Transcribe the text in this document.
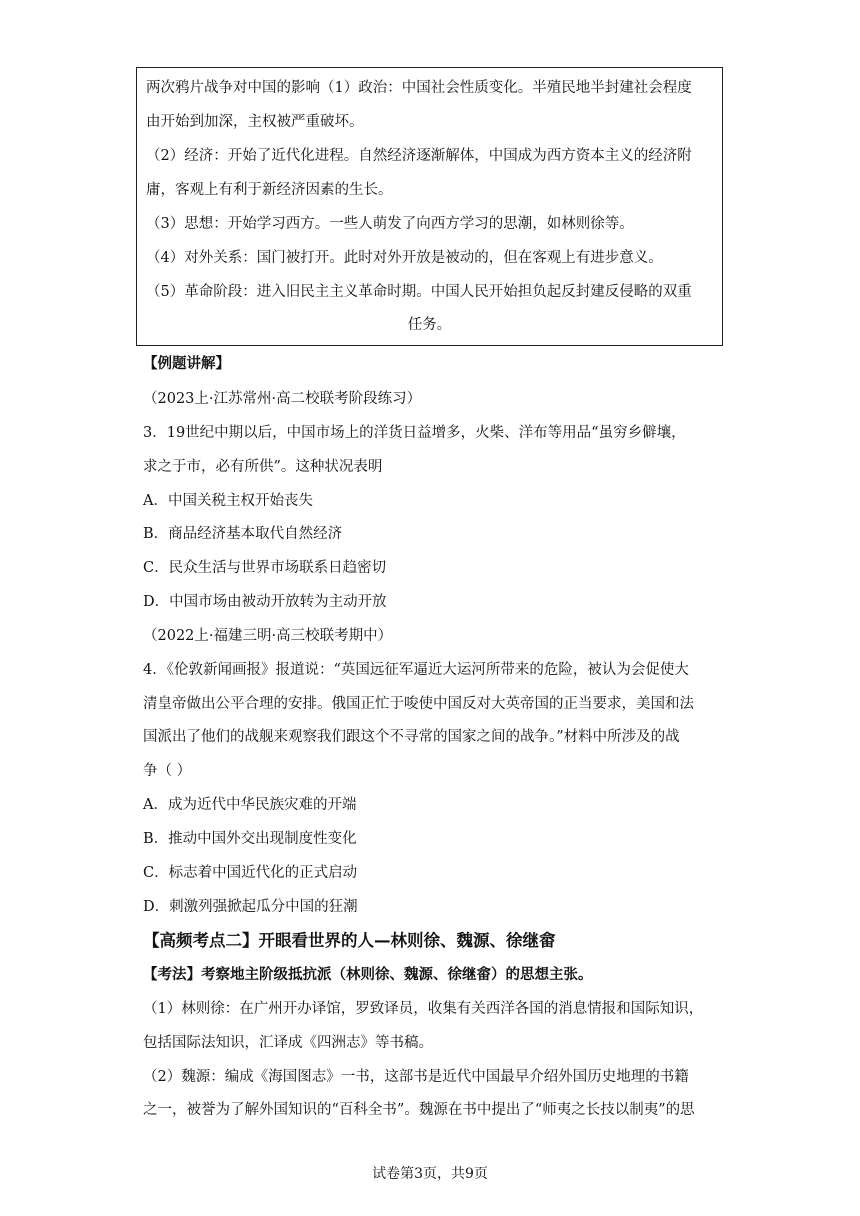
两次鸦片战争对中国的影响（1）政治：中国社会性质变化。半殖民地半封建社会程度
由开始到加深，主权被严重破坏。
（2）经济：开始了近代化进程。自然经济逐渐解体，中国成为西方资本主义的经济附
庸，客观上有利于新经济因素的生长。
（3）思想：开始学习西方。一些人萌发了向西方学习的思潮，如林则徐等。
（4）对外关系：国门被打开。此时对外开放是被动的，但在客观上有进步意义。
（5）革命阶段：进入旧民主主义革命时期。中国人民开始担负起反封建反侵略的双重
任务。
【例题讲解】
（2023上·江苏常州·高二校联考阶段练习）
3．19世纪中期以后，中国市场上的洋货日益增多，火柴、洋布等用品“虽穷乡僻壤，
求之于市，必有所供”。这种状况表明
A．中国关税主权开始丧失
B．商品经济基本取代自然经济
C．民众生活与世界市场联系日趋密切
D．中国市场由被动开放转为主动开放
（2022上·福建三明·高三校联考期中）
4．《伦敦新闻画报》报道说：“英国远征军逼近大运河所带来的危险，被认为会促使大
清皇帝做出公平合理的安排。俄国正忙于唆使中国反对大英帝国的正当要求，美国和法
国派出了他们的战舰来观察我们跟这个不寻常的国家之间的战争。”材料中所涉及的战
争（ ）
A．成为近代中华民族灾难的开端
B．推动中国外交出现制度性变化
C．标志着中国近代化的正式启动
D．刺激列强掀起瓜分中国的狂潮
【高频考点二】开眼看世界的人—林则徐、魏源、徐继畲
【考法】考察地主阶级抵抗派（林则徐、魏源、徐继畲）的思想主张。
（1）林则徐：在广州开办译馆，罗致译员，收集有关西洋各国的消息情报和国际知识，
包括国际法知识，汇译成《四洲志》等书稿。
（2）魏源：编成《海国图志》一书，这部书是近代中国最早介绍外国历史地理的书籍
之一，被誉为了解外国知识的“百科全书”。魏源在书中提出了“师夷之长技以制夷”的思
试卷第3页，共9页
